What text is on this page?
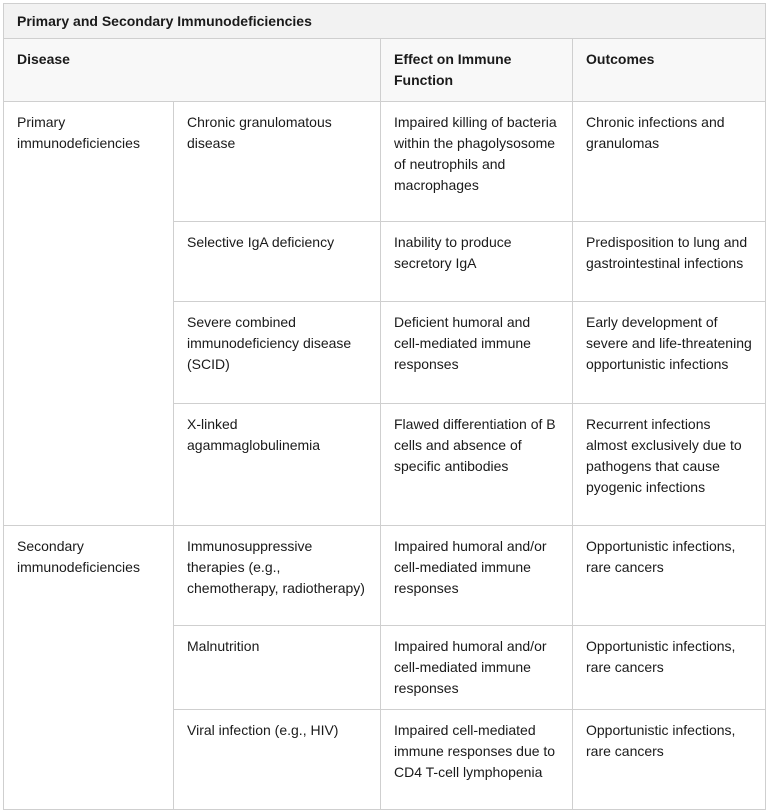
Primary and Secondary Immunodeficiencies			
Disease		Effect on Immune Function	Outcomes
Primary immunodeficiencies	Chronic granulomatous disease	Impaired killing of bacteria within the phagolysosome of neutrophils and macrophages	Chronic infections and granulomas
	Selective IgA deficiency	Inability to produce secretory IgA	Predisposition to lung and gastrointestinal infections
	Severe combined immunodeficiency disease (SCID)	Deficient humoral and cell-mediated immune responses	Early development of severe and life-threatening opportunistic infections
	X-linked agammaglobulinemia	Flawed differentiation of B cells and absence of specific antibodies	Recurrent infections almost exclusively due to pathogens that cause pyogenic infections
Secondary immunodeficiencies	Immunosuppressive therapies (e.g., chemotherapy, radiotherapy)	Impaired humoral and/or cell-mediated immune responses	Opportunistic infections, rare cancers
	Malnutrition	Impaired humoral and/or cell-mediated immune responses	Opportunistic infections, rare cancers
	Viral infection (e.g., HIV)	Impaired cell-mediated immune responses due to CD4 T-cell lymphopenia	Opportunistic infections, rare cancers
